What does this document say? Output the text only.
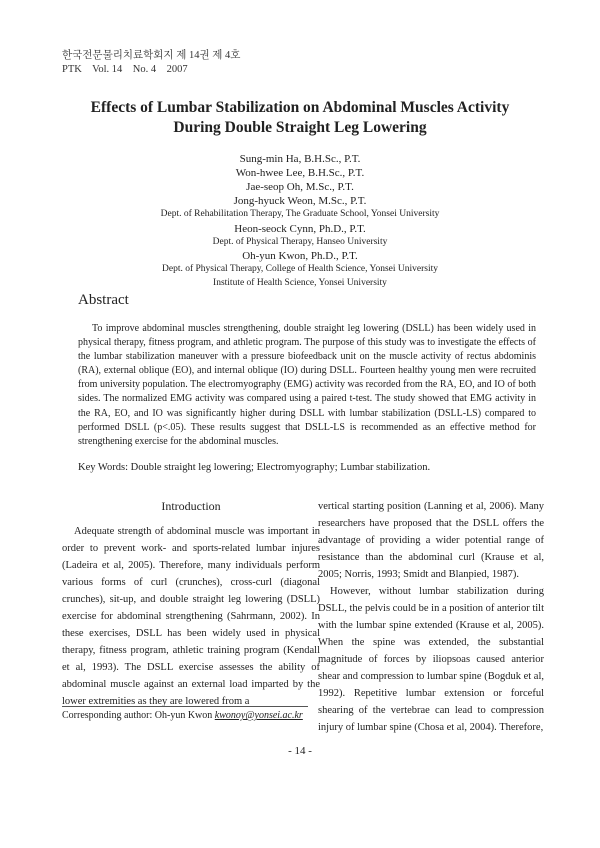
한국전문물리치료학회지 제 14권 제 4호
PTK    Vol. 14    No. 4    2007
Effects of Lumbar Stabilization on Abdominal Muscles Activity
During Double Straight Leg Lowering
Sung-min Ha, B.H.Sc., P.T.
Won-hwee Lee, B.H.Sc., P.T.
Jae-seop Oh, M.Sc., P.T.
Jong-hyuck Weon, M.Sc., P.T.
Dept. of Rehabilitation Therapy, The Graduate School, Yonsei University
Heon-seock Cynn, Ph.D., P.T.
Dept. of Physical Therapy, Hanseo University
Oh-yun Kwon, Ph.D., P.T.
Dept. of Physical Therapy, College of Health Science, Yonsei University
Institute of Health Science, Yonsei University
Abstract

To improve abdominal muscles strengthening, double straight leg lowering (DSLL) has been widely used in physical therapy, fitness program, and athletic program. The purpose of this study was to investigate the effects of the lumbar stabilization maneuver with a pressure biofeedback unit on the muscle activity of rectus abdominis (RA), external oblique (EO), and internal oblique (IO) during DSLL. Fourteen healthy young men were recruited from university population. The electromyography (EMG) activity was recorded from the RA, EO, and IO of both sides. The normalized EMG activity was compared using a paired t-test. The study showed that EMG activity in the RA, EO, and IO was significantly higher during DSLL with lumbar stabilization (DSLL-LS) compared to performed DSLL (p<.05). These results suggest that DSLL-LS is recommended as an effective method for strengthening exercise for the abdominal muscles.

Key Words: Double straight leg lowering; Electromyography; Lumbar stabilization.
Introduction

Adequate strength of abdominal muscle was important in order to prevent work- and sports-related lumbar injures (Ladeira et al, 2005). Therefore, many individuals perform various forms of curl (crunches), cross-curl (diagonal crunches), sit-up, and double straight leg lowering (DSLL) exercise for abdominal strengthening (Sahrmann, 2002). In these exercises, DSLL has been widely used in physical therapy, fitness program, athletic training program (Kendall et al, 1993). The DSLL exercise assesses the ability of abdominal muscle against an external load imparted by the lower extremities as they are lowered from a

vertical starting position (Lanning et al, 2006). Many researchers have proposed that the DSLL offers the advantage of providing a wider potential range of resistance than the abdominal curl (Krause et al, 2005; Norris, 1993; Smidt and Blanpied, 1987).

However, without lumbar stabilization during DSLL, the pelvis could be in a position of anterior tilt with the lumbar spine extended (Krause et al, 2005). When the spine was extended, the substantial magnitude of forces by iliopsoas caused anterior shear and compression to lumbar spine (Bogduk et al, 1992). Repetitive lumbar extension or forceful shearing of the vertebrae can lead to compression injury of lumbar spine (Chosa et al, 2004). Therefore,

Corresponding author: Oh-yun Kwon kwonoy@yonsei.ac.kr
- 14 -
